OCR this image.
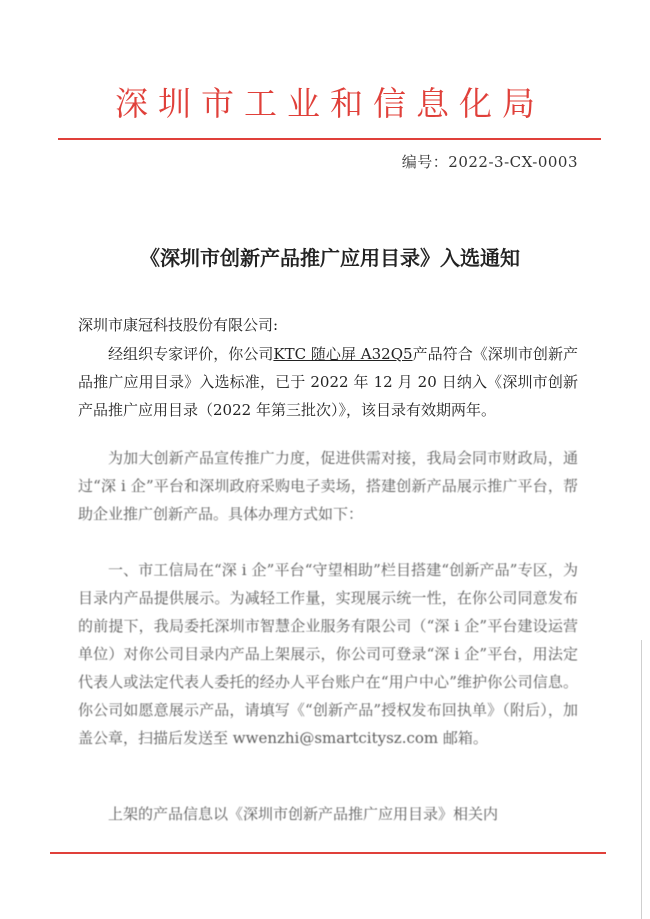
深圳市工业和信息化局
编号：2022-3-CX-0003
《深圳市创新产品推广应用目录》入选通知
深圳市康冠科技股份有限公司:
经组织专家评价，你公司KTC 随心屏 A32Q5产品符合《深圳市创新产品推广应用目录》入选标准，已于 2022 年 12 月 20 日纳入《深圳市创新产品推广应用目录（2022 年第三批次）》，该目录有效期两年。
为加大创新产品宣传推广力度，促进供需对接，我局会同市财政局，通过“深 i 企”平台和深圳政府采购电子卖场，搭建创新产品展示推广平台，帮助企业推广创新产品。具体办理方式如下：
一、市工信局在“深 i 企”平台“守望相助”栏目搭建“创新产品”专区，为目录内产品提供展示。为减轻工作量，实现展示统一性，在你公司同意发布的前提下，我局委托深圳市智慧企业服务有限公司（“深 i 企”平台建设运营单位）对你公司目录内产品上架展示，你公司可登录“深 i 企”平台，用法定代表人或法定代表人委托的经办人平台账户在“用户中心”维护你公司信息。你公司如愿意展示产品，请填写《“创新产品”授权发布回执单》（附后），加盖公章，扫描后发送至 wwenzhi@smartcitysz.com 邮箱。
上架的产品信息以《深圳市创新产品推广应用目录》相关内
